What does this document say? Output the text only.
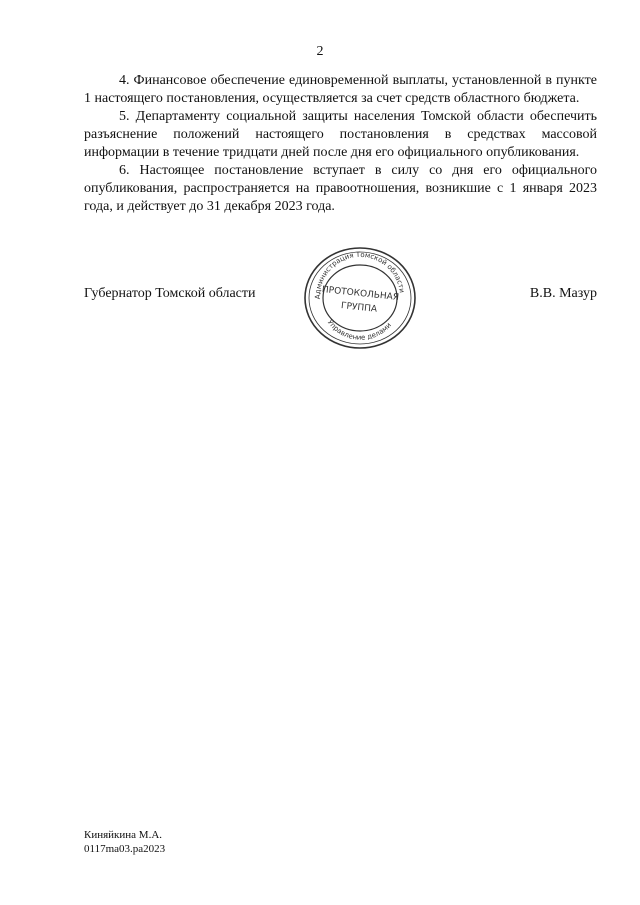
2

4. Финансовое обеспечение единовременной выплаты, установленной в пункте 1 настоящего постановления, осуществляется за счет средств областного бюджета.

5. Департаменту социальной защиты населения Томской области обеспечить разъяснение положений настоящего постановления в средствах массовой информации в течение тридцати дней после дня его официального опубликования.

6. Настоящее постановление вступает в силу со дня его официального опубликования, распространяется на правоотношения, возникшие с 1 января 2023 года, и действует до 31 декабря 2023 года.

Губернатор Томской области	В.В. Мазур
Администрация Томской области
Управление делами
ПРОТОКОЛЬНАЯ
ГРУППА
Киняйкина М.А.
0117ma03.pa2023
